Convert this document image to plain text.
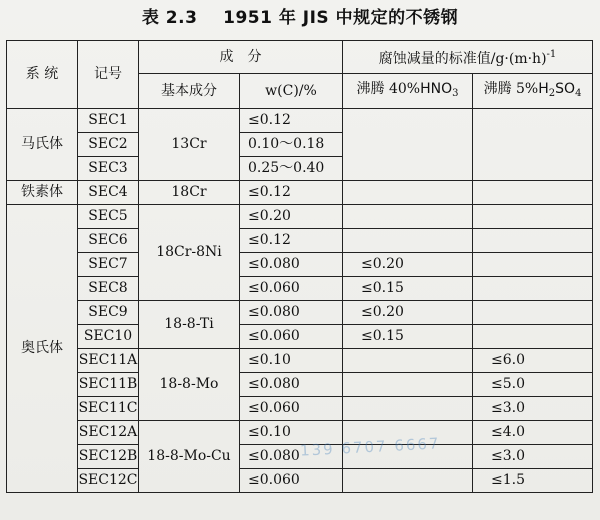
表 2.3 1951 年 JIS 中规定的不锈钢
系 统	记号	成　分		腐蚀减量的标准值$/g\cdot(m\cdot h)^{-1}$
		基本成分	w(C)/%	沸腾 $40\%HNO_3$	沸腾 $5\%H_2SO_4$
马氏体	SEC1	13Cr	≤0.12		
	SEC2		0.10～0.18		
	SEC3		0.25～0.40		
铁素体	SEC4	18Cr	≤0.12		
奥氏体	SEC5	18Cr-8Ni	≤0.20		
	SEC6		≤0.12		
	SEC7		≤0.080	≤0.20	
	SEC8		≤0.060	≤0.15	
	SEC9	18-8-Ti	≤0.080	≤0.20	
	SEC10		≤0.060	≤0.15	
	SEC11A	18-8-Mo	≤0.10		≤6.0
	SEC11B		≤0.080		≤5.0
	SEC11C		≤0.060		≤3.0
	SEC12A	18-8-Mo-Cu	≤0.10		≤4.0
	SEC12B		≤0.080		≤3.0
	SEC12C		≤0.060		≤1.5
139 6707 6667
